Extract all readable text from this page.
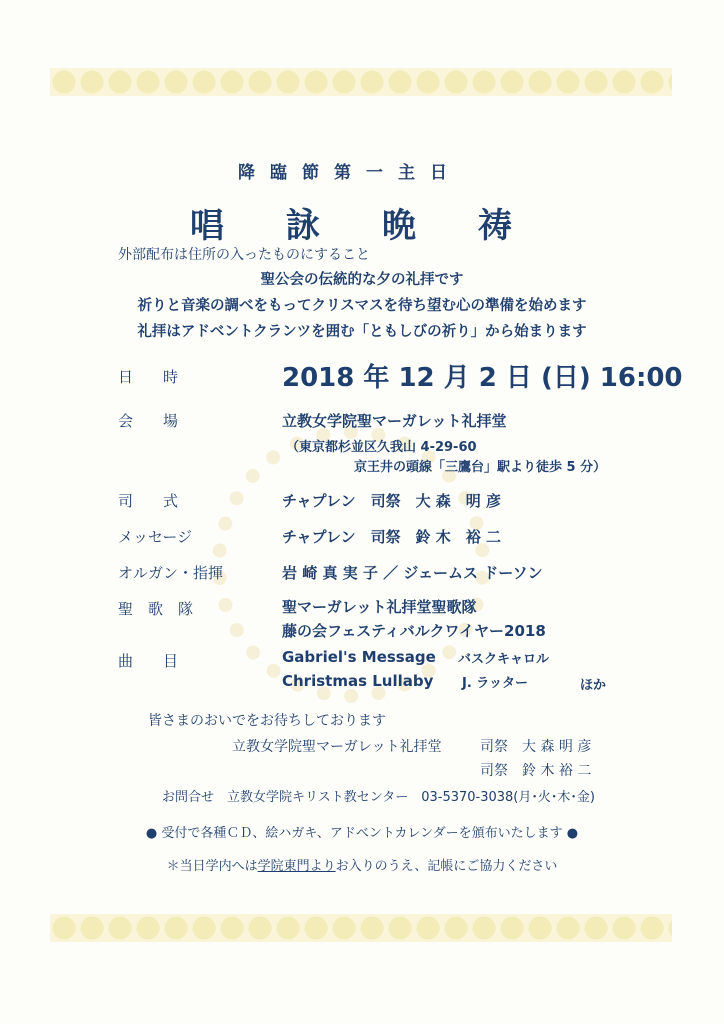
降臨節第一主日
唱詠晩祷
外部配布は住所の入ったものにすること
聖公会の伝統的な夕の礼拝です
祈りと音楽の調べをもってクリスマスを待ち望む心の準備を始めます
礼拝はアドベントクランツを囲む「ともしびの祈り」から始まります
日　　時	2018 年 12 月 2 日 (日) 16:00
会　　場	立教女学院聖マーガレット礼拝堂
（東京都杉並区久我山 4-29-60
京王井の頭線「三鷹台」駅より徒歩 5 分）
司　　式	チャプレン　司祭　大 森　明 彦
メッセージ	チャプレン　司祭　鈴 木　裕 二
オルガン・指揮	岩 崎 真 実 子 ／ ジェームス ドーソン
聖　歌　隊	聖マーガレット礼拝堂聖歌隊
藤の会フェスティバルクワイヤー2018
曲　　目	Gabriel's Message バスクキャロル
Christmas Lullaby J. ラッター	ほか
皆さまのおいでをお待ちしております
立教女学院聖マーガレット礼拝堂	司祭　大 森 明 彦
司祭　鈴 木 裕 二
お問合せ　立教女学院キリスト教センター　03-5370-3038(月･火･木･金)
● 受付で各種ＣＤ、絵ハガキ、アドベントカレンダーを頒布いたします ●
＊当日学内へは学院東門よりお入りのうえ、記帳にご協力ください
